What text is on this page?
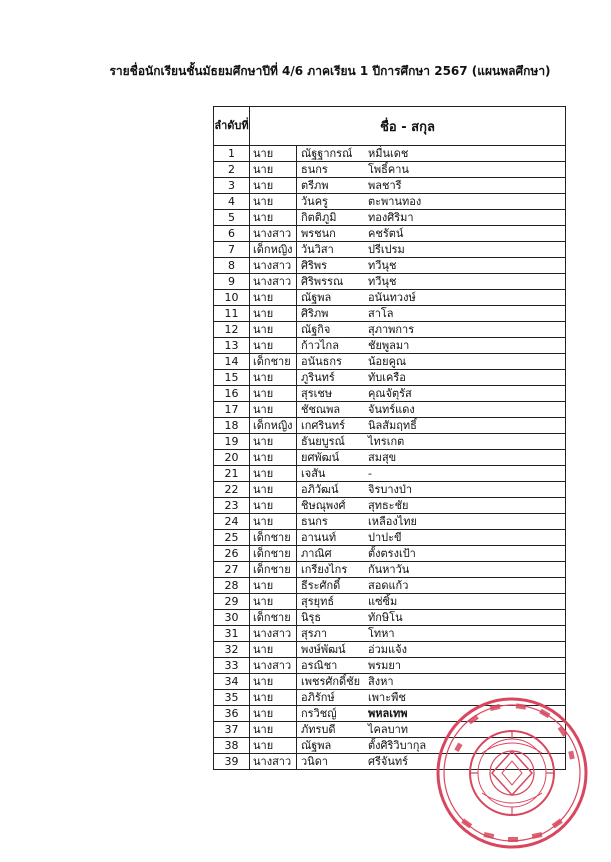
รายชื่อนักเรียนชั้นมัธยมศึกษาปีที่ 4/6 ภาคเรียน 1 ปีการศึกษา 2567 (แผนพลศึกษา)
ลำดับที่	ชื่อ - สกุล	
1	นาย	ณัฐฐากรณ์ หมื่นเดช

2	นาย	ธนกร โพธิ์คาน

3	นาย	ตรีภพ พลชารี

4	นาย	วันครู ตะพานทอง

5	นาย	กิตติภูมิ ทองศิริมา

6	นางสาว	พรชนก คชรัตน์

7	เด็กหญิง	วันวิสา ปรีเปรม

8	นางสาว	ศิริพร ทวีนุช

9	นางสาว	ศิริพรรณ ทวีนุช

10	นาย	ณัฐพล อนันทวงษ์

11	นาย	ศิริภพ สาโล

12	นาย	ณัฐกิจ สุภาพการ

13	นาย	ก้าวไกล ชัยพูลมา

14	เด็กชาย	อนันธกร น้อยคูณ

15	นาย	ภูรินทร์ ทับเครือ

16	นาย	สุรเชษ คุณจัตุรัส

17	นาย	ชัชณพล จันทร์แดง

18	เด็กหญิง	เกศรินทร์ นิลสัมฤทธิ์

19	นาย	ธันยบูรณ์ ไทรเกต

20	นาย	ยศพัฒน์ สมสุข

21	นาย	เจสัน -

22	นาย	อภิวัฒน์ จิรบางป่า

23	นาย	ชิษณุพงศ์ สุทธะชัย

24	นาย	ธนกร เหลืองไทย

25	เด็กชาย	อานนท์ ปาปะขี

26	เด็กชาย	ภาณิศ ตั้งตรงเป้า

27	เด็กชาย	เกรียงไกร กันหาวัน

28	นาย	ธีระศักดิ์ สอดแก้ว

29	นาย	สุรยุทธ์ แซ่ซิ้ม

30	เด็กชาย	นิรุธ ทักษิโน

31	นางสาว	สุรภา โทหา

32	นาย	พงษ์พัฒน์ อ่วมแจ้ง

33	นางสาว	อรณิชา พรมยา

34	นาย	เพชรศักดิ์ชัย สิงหา

35	นาย	อภิรักษ์ เพาะพืช

36	นาย	กรวิชญ์ พหลเทพ

37	นาย	ภัทรบดี ไคลบาท

38	นาย	ณัฐพล ตั้งศิริวิบากุล

39	นางสาว	วนิดา ศรีจันทร์
